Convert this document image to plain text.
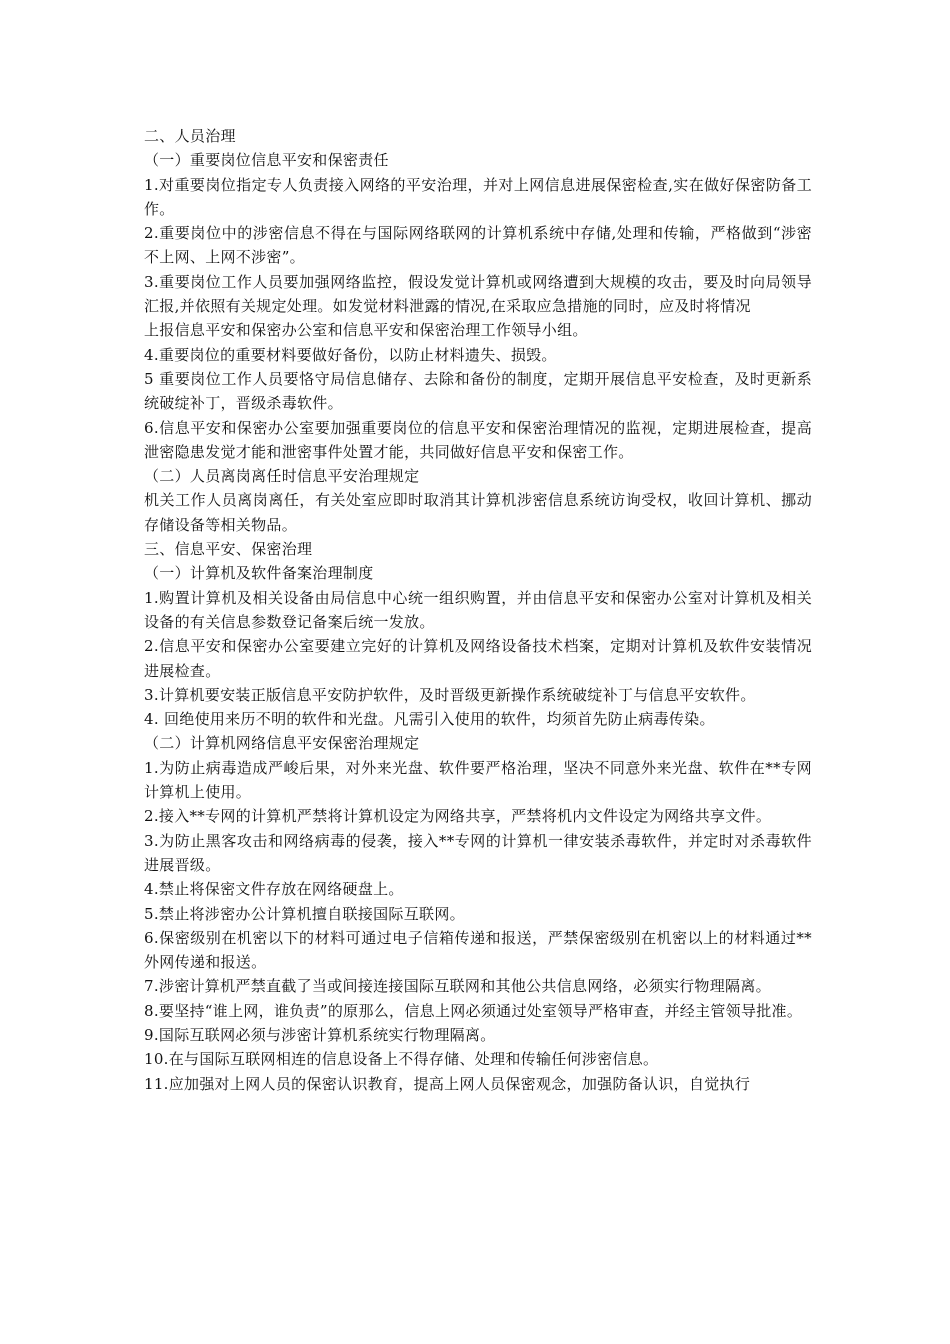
二、人员治理
（一）重要岗位信息平安和保密责任
1.对重要岗位指定专人负责接入网络的平安治理，并对上网信息进展保密检查,实在做好保密防备工作。
2.重要岗位中的涉密信息不得在与国际网络联网的计算机系统中存储,处理和传输，严格做到“涉密不上网、上网不涉密”。
3.重要岗位工作人员要加强网络监控，假设发觉计算机或网络遭到大规模的攻击，要及时向局领导汇报,并依照有关规定处理。如发觉材料泄露的情况,在采取应急措施的同时，应及时将情况
上报信息平安和保密办公室和信息平安和保密治理工作领导小组。
4.重要岗位的重要材料要做好备份，以防止材料遗失、损毁。
5 重要岗位工作人员要恪守局信息储存、去除和备份的制度，定期开展信息平安检查，及时更新系统破绽补丁，晋级杀毒软件。
6.信息平安和保密办公室要加强重要岗位的信息平安和保密治理情况的监视，定期进展检查，提高泄密隐患发觉才能和泄密事件处置才能，共同做好信息平安和保密工作。
（二）人员离岗离任时信息平安治理规定
机关工作人员离岗离任，有关处室应即时取消其计算机涉密信息系统访询受权，收回计算机、挪动存储设备等相关物品。
三、信息平安、保密治理
（一）计算机及软件备案治理制度
1.购置计算机及相关设备由局信息中心统一组织购置，并由信息平安和保密办公室对计算机及相关设备的有关信息参数登记备案后统一发放。
2.信息平安和保密办公室要建立完好的计算机及网络设备技术档案，定期对计算机及软件安装情况进展检查。
3.计算机要安装正版信息平安防护软件，及时晋级更新操作系统破绽补丁与信息平安软件。
4. 回绝使用来历不明的软件和光盘。凡需引入使用的软件，均须首先防止病毒传染。
（二）计算机网络信息平安保密治理规定
1.为防止病毒造成严峻后果，对外来光盘、软件要严格治理，坚决不同意外来光盘、软件在**专网计算机上使用。
2.接入**专网的计算机严禁将计算机设定为网络共享，严禁将机内文件设定为网络共享文件。
3.为防止黑客攻击和网络病毒的侵袭，接入**专网的计算机一律安装杀毒软件，并定时对杀毒软件进展晋级。
4.禁止将保密文件存放在网络硬盘上。
5.禁止将涉密办公计算机擅自联接国际互联网。
6.保密级别在机密以下的材料可通过电子信箱传递和报送，严禁保密级别在机密以上的材料通过**外网传递和报送。
7.涉密计算机严禁直截了当或间接连接国际互联网和其他公共信息网络，必须实行物理隔离。
8.要坚持“谁上网，谁负责”的原那么，信息上网必须通过处室领导严格审查，并经主管领导批准。
9.国际互联网必须与涉密计算机系统实行物理隔离。
10.在与国际互联网相连的信息设备上不得存储、处理和传输任何涉密信息。
11.应加强对上网人员的保密认识教育，提高上网人员保密观念，加强防备认识，自觉执行
